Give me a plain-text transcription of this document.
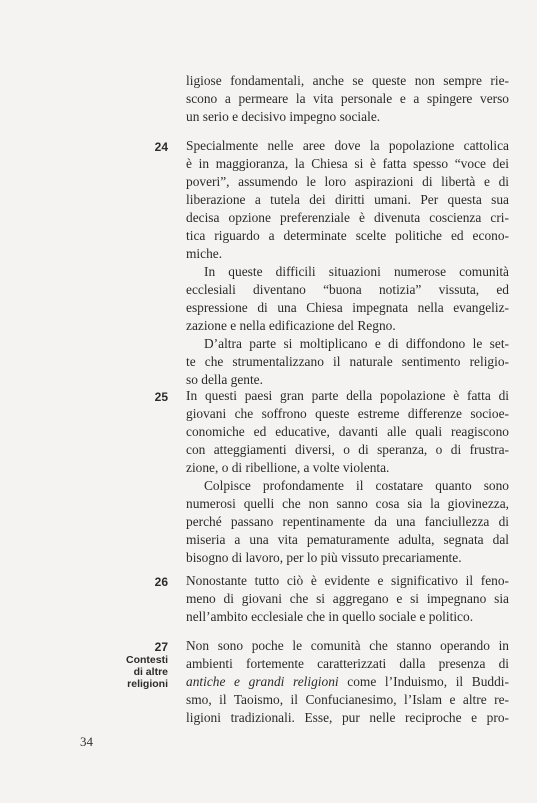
ligiose fondamentali, anche se queste non sempre rie-
scono a permeare la vita personale e a spingere verso
un serio e decisivo impegno sociale.

24 Specialmente nelle aree dove la popolazione cattolica
è in maggioranza, la Chiesa si è fatta spesso “voce dei
poveri”, assumendo le loro aspirazioni di libertà e di
liberazione a tutela dei diritti umani. Per questa sua
decisa opzione preferenziale è divenuta coscienza cri-
tica riguardo a determinate scelte politiche ed econo-
miche.
In queste difficili situazioni numerose comunità
ecclesiali diventano “buona notizia” vissuta, ed
espressione di una Chiesa impegnata nella evangeliz-
zazione e nella edificazione del Regno.
D’altra parte si moltiplicano e di diffondono le set-
te che strumentalizzano il naturale sentimento religio-
so della gente.

25 In questi paesi gran parte della popolazione è fatta di
giovani che soffrono queste estreme differenze socioe-
conomiche ed educative, davanti alle quali reagiscono
con atteggiamenti diversi, o di speranza, o di frustra-
zione, o di ribellione, a volte violenta.
Colpisce profondamente il costatare quanto sono
numerosi quelli che non sanno cosa sia la giovinezza,
perché passano repentinamente da una fanciullezza di
miseria a una vita pematuramente adulta, segnata dal
bisogno di lavoro, per lo più vissuto precariamente.

26 Nonostante tutto ciò è evidente e significativo il feno-
meno di giovani che si aggregano e si impegnano sia
nell’ambito ecclesiale che in quello sociale e politico.

27
Contesti
di altre
religioni

Non sono poche le comunità che stanno operando in
ambienti fortemente caratterizzati dalla presenza di
antiche e grandi religioni come l’Induismo, il Buddi-
smo, il Taoismo, il Confucianesimo, l’Islam e altre re-
ligioni tradizionali. Esse, pur nelle reciproche e pro-

34
